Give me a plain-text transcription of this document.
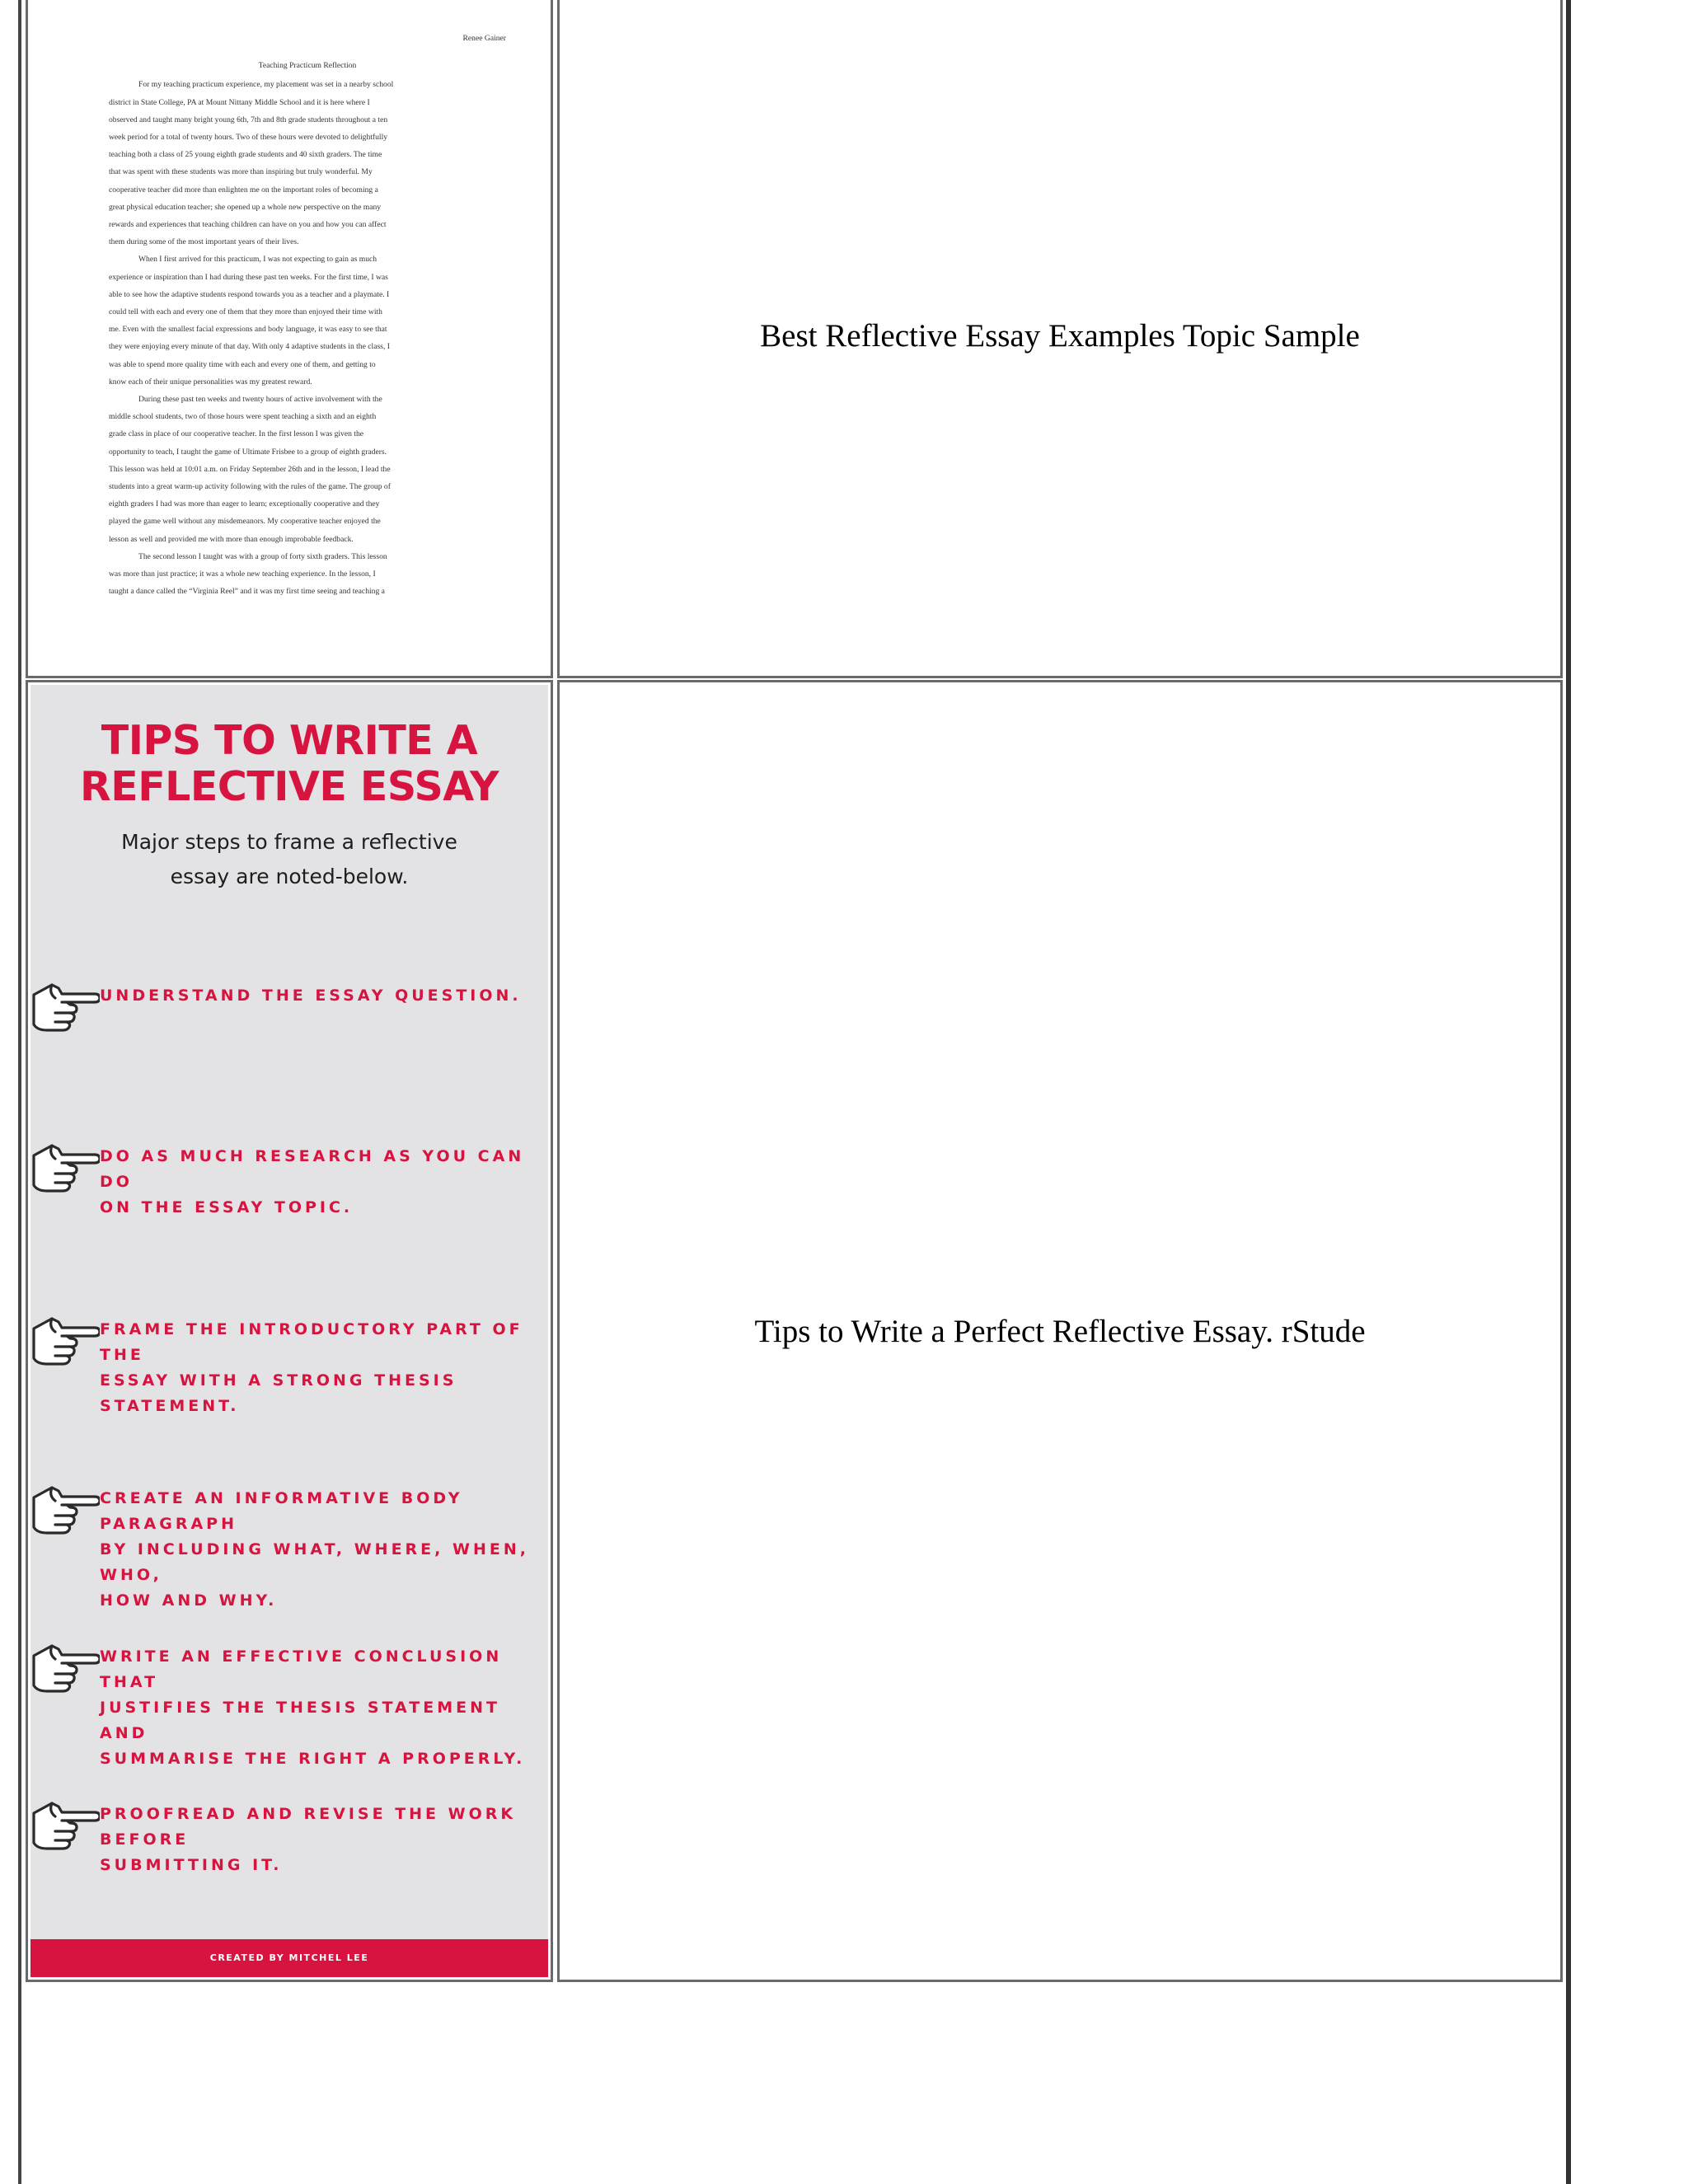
Renee Gainer
Teaching Practicum Reflection
For my teaching practicum experience, my placement was set in a nearby school
district in State College, PA at Mount Nittany Middle School and it is here where I
observed and taught many bright young 6th, 7th and 8th grade students throughout a ten
week period for a total of twenty hours. Two of these hours were devoted to delightfully
teaching both a class of 25 young eighth grade students and 40 sixth graders. The time
that was spent with these students was more than inspiring but truly wonderful. My
cooperative teacher did more than enlighten me on the important roles of becoming a
great physical education teacher; she opened up a whole new perspective on the many
rewards and experiences that teaching children can have on you and how you can affect
them during some of the most important years of their lives.
When I first arrived for this practicum, I was not expecting to gain as much
experience or inspiration than I had during these past ten weeks. For the first time, I was
able to see how the adaptive students respond towards you as a teacher and a playmate. I
could tell with each and every one of them that they more than enjoyed their time with
me. Even with the smallest facial expressions and body language, it was easy to see that
they were enjoying every minute of that day. With only 4 adaptive students in the class, I
was able to spend more quality time with each and every one of them, and getting to
know each of their unique personalities was my greatest reward.
During these past ten weeks and twenty hours of active involvement with the
middle school students, two of those hours were spent teaching a sixth and an eighth
grade class in place of our cooperative teacher. In the first lesson I was given the
opportunity to teach, I taught the game of Ultimate Frisbee to a group of eighth graders.
This lesson was held at 10:01 a.m. on Friday September 26th and in the lesson, I lead the
students into a great warm-up activity following with the rules of the game. The group of
eighth graders I had was more than eager to learn; exceptionally cooperative and they
played the game well without any misdemeanors. My cooperative teacher enjoyed the
lesson as well and provided me with more than enough improbable feedback.
The second lesson I taught was with a group of forty sixth graders. This lesson
was more than just practice; it was a whole new teaching experience. In the lesson, I
taught a dance called the “Virginia Reel” and it was my first time seeing and teaching a
Best Reflective Essay Examples Topic Sample
TIPS TO WRITE A
REFLECTIVE ESSAY
Major steps to frame a reflective
essay are noted-below.
UNDERSTAND THE ESSAY QUESTION.
DO AS MUCH RESEARCH AS YOU CAN DO
ON THE ESSAY TOPIC.
FRAME THE INTRODUCTORY PART OF THE
ESSAY WITH A STRONG THESIS
STATEMENT.
CREATE AN INFORMATIVE BODY PARAGRAPH
BY INCLUDING WHAT, WHERE, WHEN, WHO,
HOW AND WHY.
WRITE AN EFFECTIVE CONCLUSION THAT
JUSTIFIES THE THESIS STATEMENT AND
SUMMARISE THE RIGHT A PROPERLY.
PROOFREAD AND REVISE THE WORK BEFORE
SUBMITTING IT.
CREATED BY MITCHEL LEE
Tips to Write a Perfect Reflective Essay. rStude
